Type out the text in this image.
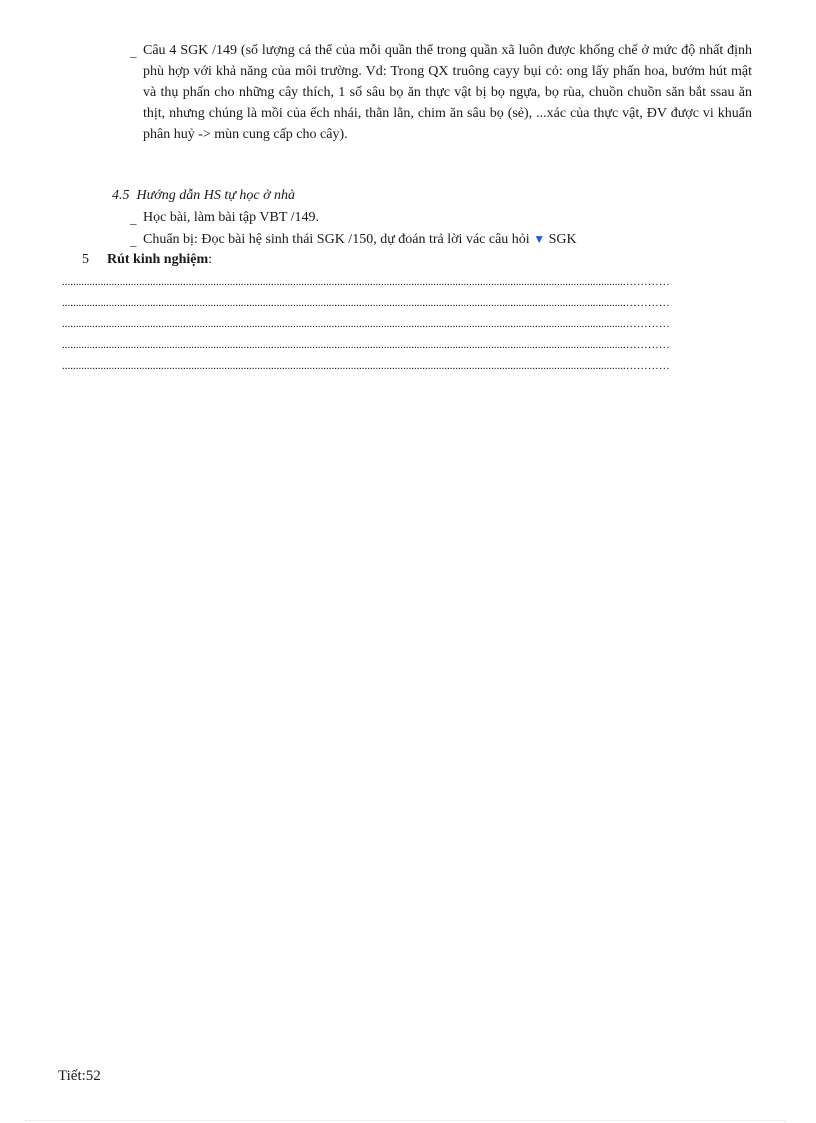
_ Câu 4 SGK /149 (số lượng cá thể của mỗi quần thể trong quần xã luôn được khống chế ở mức độ nhất định phù hợp với khả năng của môi trường. Vd: Trong QX truông cayy bụi cỏ: ong lấy phấn hoa, bướm hút mật và thụ phấn cho những cây thích, 1 số sâu bọ ăn thực vật bị bọ ngựa, bọ rùa, chuồn chuồn săn bắt ssau ăn thịt, nhưng chúng là mồi của ếch nhái, thằn lằn, chim ăn sâu bọ (sẻ), ...xác của thực vật, ĐV được vi khuẩn phân huỷ -> mùn cung cấp cho cây).
4.5 Hướng dẫn HS tự học ở nhà
_ Học bài, làm bài tập VBT /149.
_ Chuẩn bị: Đọc bài hệ sinh thái SGK /150, dự đoán trả lời vác câu hỏi ▼ SGK
5 Rút kinh nghiệm:
.............................................................................................................................................................................................................…………
.............................................................................................................................................................................................................…………
.............................................................................................................................................................................................................…………
.............................................................................................................................................................................................................…………
.............................................................................................................................................................................................................…………
Tiết:52
